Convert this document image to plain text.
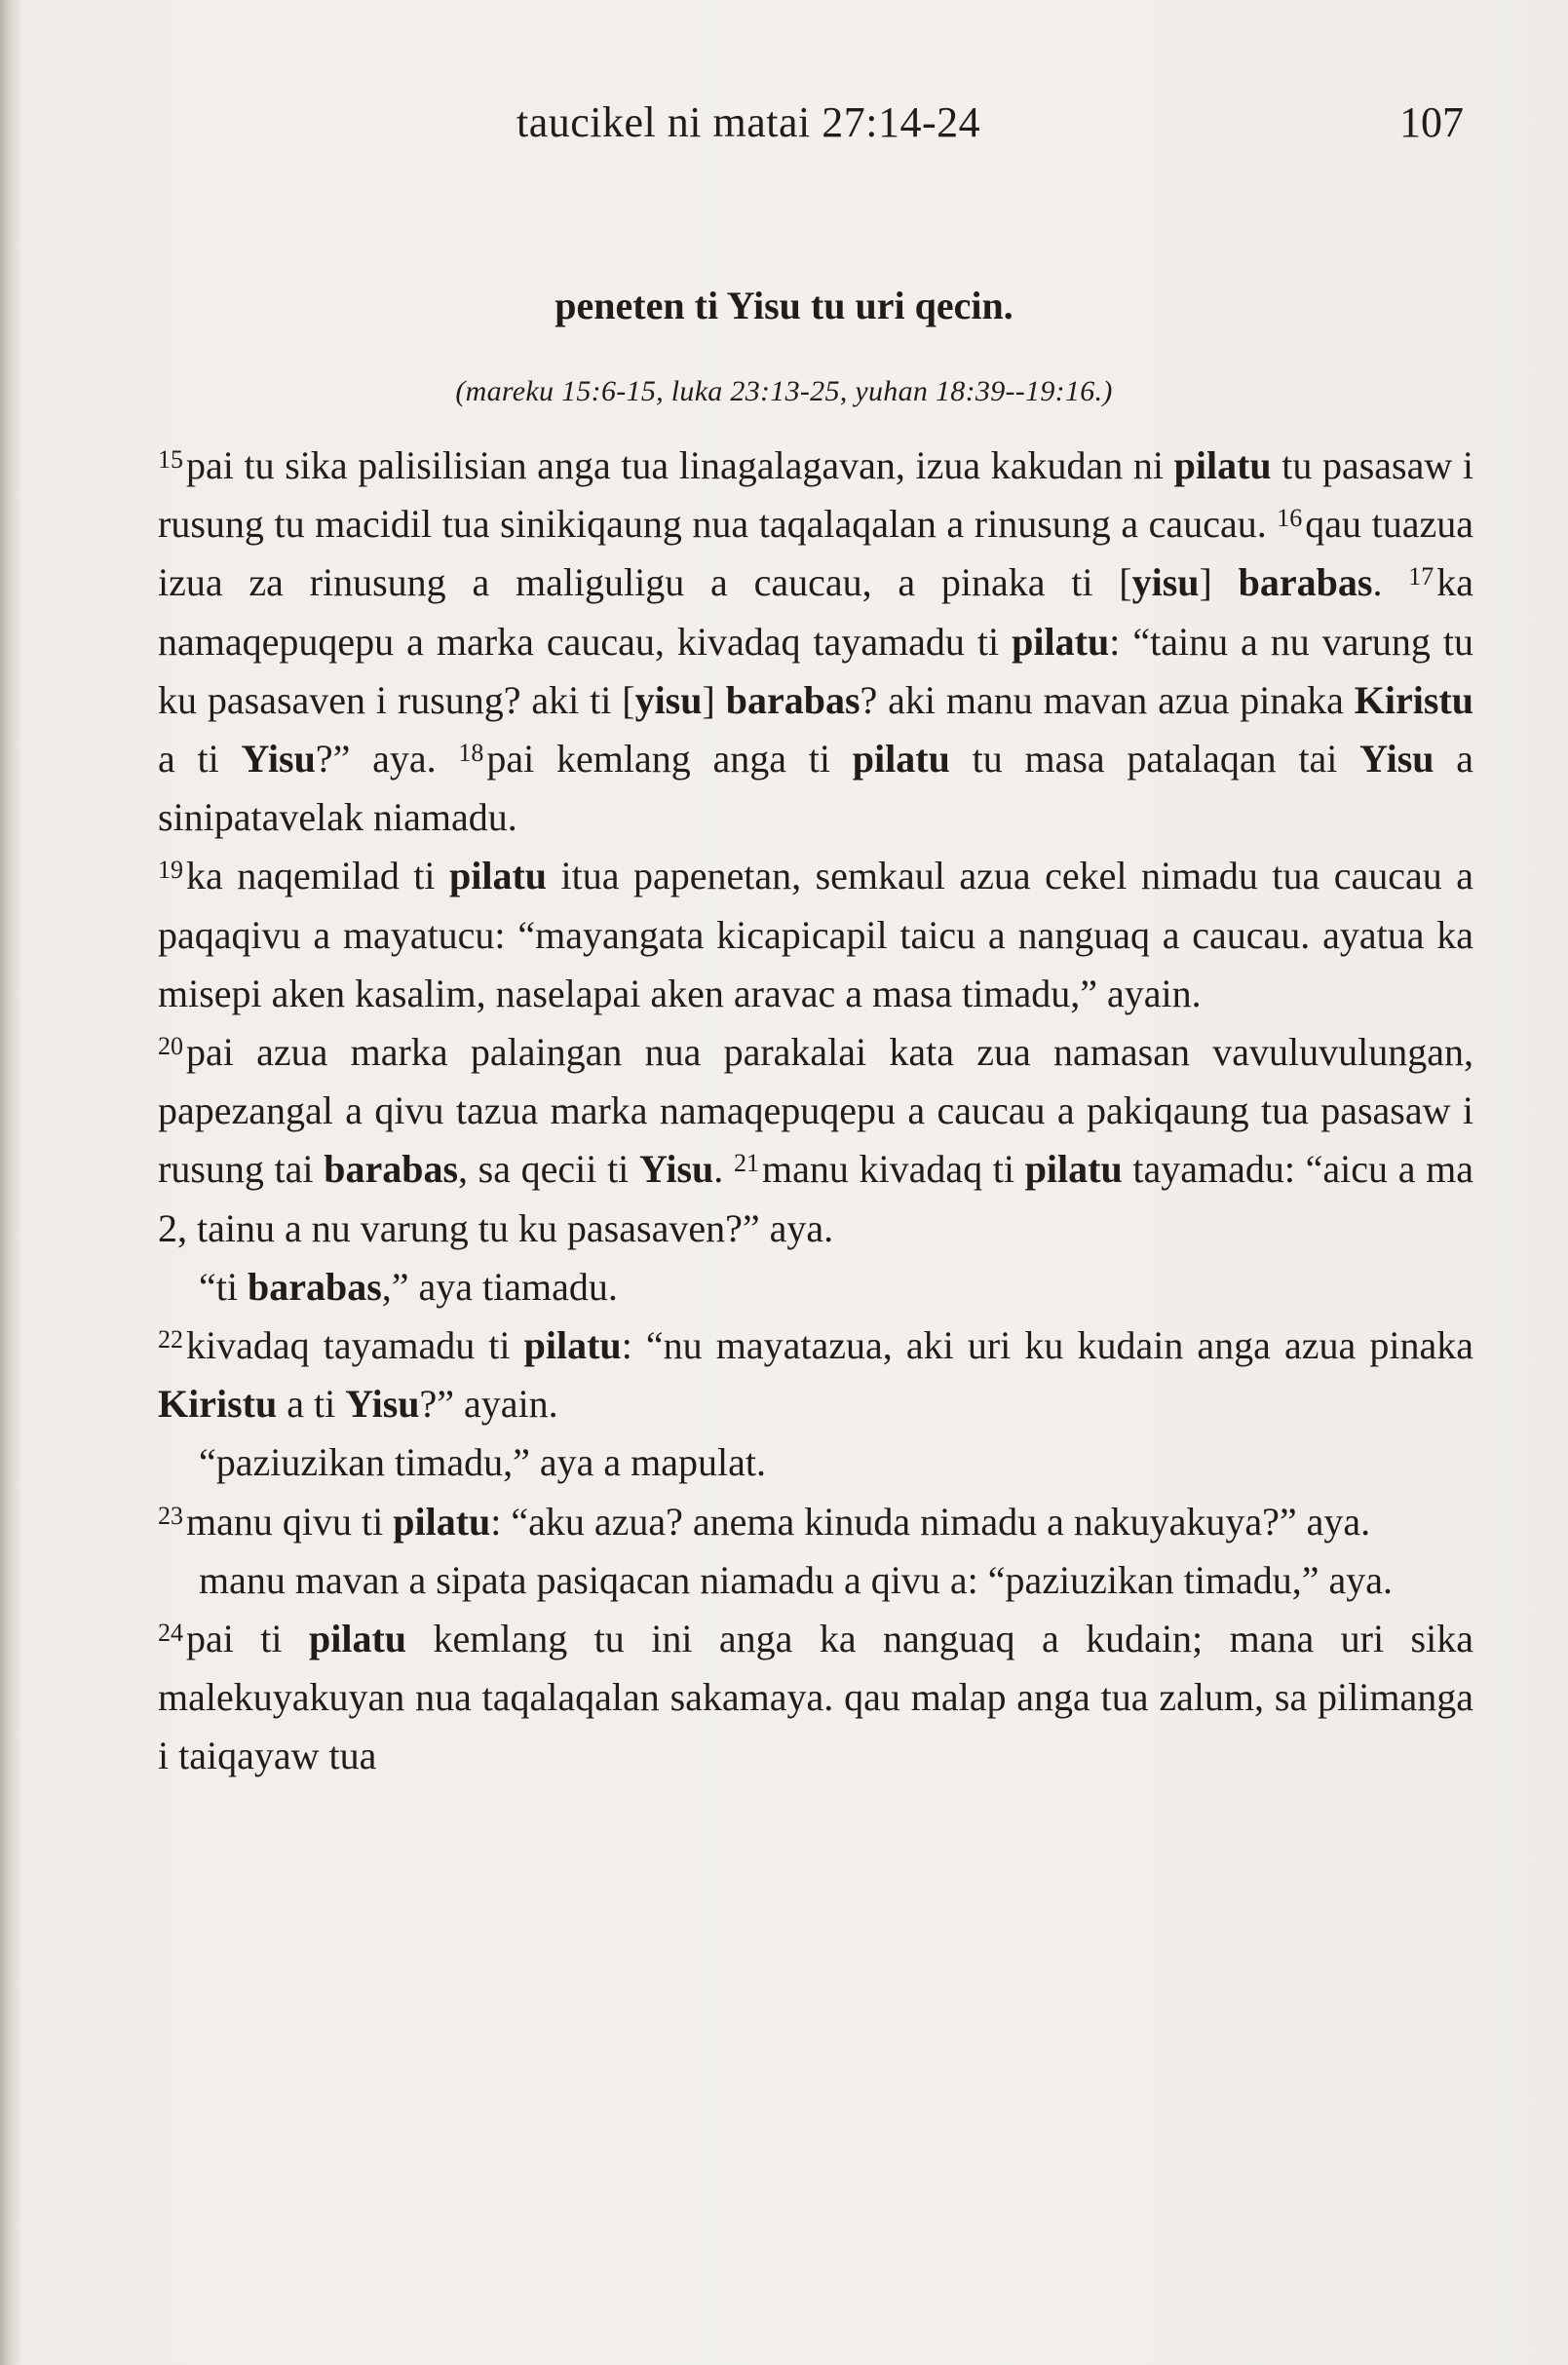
taucikel ni matai 27:14-24	107
peneten ti Yisu tu uri qecin.
(mareku 15:6-15, luka 23:13-25, yuhan 18:39--19:16.)

$^{15}$pai tu sika palisilisian anga tua linagalagavan, izua kakudan ni pilatu tu pasasaw i rusung tu macidil tua sinikiqaung nua taqalaqalan a rinusung a caucau. $^{16}$qau tuazua izua za rinusung a maliguligu a caucau, a pinaka ti [yisu] barabas. $^{17}$ka namaqepuqepu a marka caucau, kivadaq tayamadu ti pilatu: “tainu a nu varung tu ku pasasaven i rusung? aki ti [yisu] barabas? aki manu mavan azua pinaka Kiristu a ti Yisu?” aya. $^{18}$pai kemlang anga ti pilatu tu masa patalaqan tai Yisu a sinipatavelak niamadu.

$^{19}$ka naqemilad ti pilatu itua papenetan, semkaul azua cekel nimadu tua caucau a paqaqivu a mayatucu: “mayangata kicapicapil taicu a nanguaq a caucau. ayatua ka misepi aken kasalim, naselapai aken aravac a masa timadu,” ayain.

$^{20}$pai azua marka palaingan nua parakalai kata zua namasan vavuluvulungan, papezangal a qivu tazua marka namaqepuqepu a caucau a pakiqaung tua pasasaw i rusung tai barabas, sa qecii ti Yisu. $^{21}$manu kivadaq ti pilatu tayamadu: “aicu a ma 2, tainu a nu varung tu ku pasasaven?” aya.

“ti barabas,” aya tiamadu.

$^{22}$kivadaq tayamadu ti pilatu: “nu mayatazua, aki uri ku kudain anga azua pinaka Kiristu a ti Yisu?” ayain.

“paziuzikan timadu,” aya a mapulat.

$^{23}$manu qivu ti pilatu: “aku azua? anema kinuda nimadu a nakuyakuya?” aya.

manu mavan a sipata pasiqacan niamadu a qivu a: “paziuzikan timadu,” aya.

$^{24}$pai ti pilatu kemlang tu ini anga ka nanguaq a kudain; mana uri sika malekuyakuyan nua taqalaqalan sakamaya. qau malap anga tua zalum, sa pilimanga i taiqayaw tua
